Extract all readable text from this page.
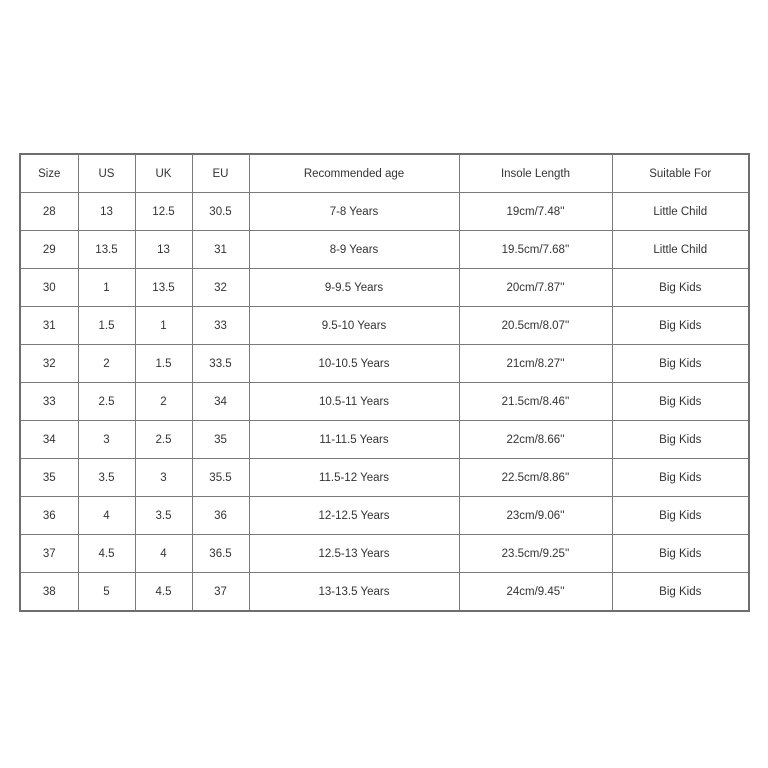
Size	US	UK	EU	Recommended age	Insole Length	Suitable For
28	13	12.5	30.5	7-8 Years	19cm/7.48''	Little Child
29	13.5	13	31	8-9 Years	19.5cm/7.68''	Little Child
30	1	13.5	32	9-9.5 Years	20cm/7.87''	Big Kids
31	1.5	1	33	9.5-10 Years	20.5cm/8.07''	Big Kids
32	2	1.5	33.5	10-10.5 Years	21cm/8.27''	Big Kids
33	2.5	2	34	10.5-11 Years	21.5cm/8.46''	Big Kids
34	3	2.5	35	11-11.5 Years	22cm/8.66''	Big Kids
35	3.5	3	35.5	11.5-12 Years	22.5cm/8.86''	Big Kids
36	4	3.5	36	12-12.5 Years	23cm/9.06''	Big Kids
37	4.5	4	36.5	12.5-13 Years	23.5cm/9.25''	Big Kids
38	5	4.5	37	13-13.5 Years	24cm/9.45''	Big Kids
